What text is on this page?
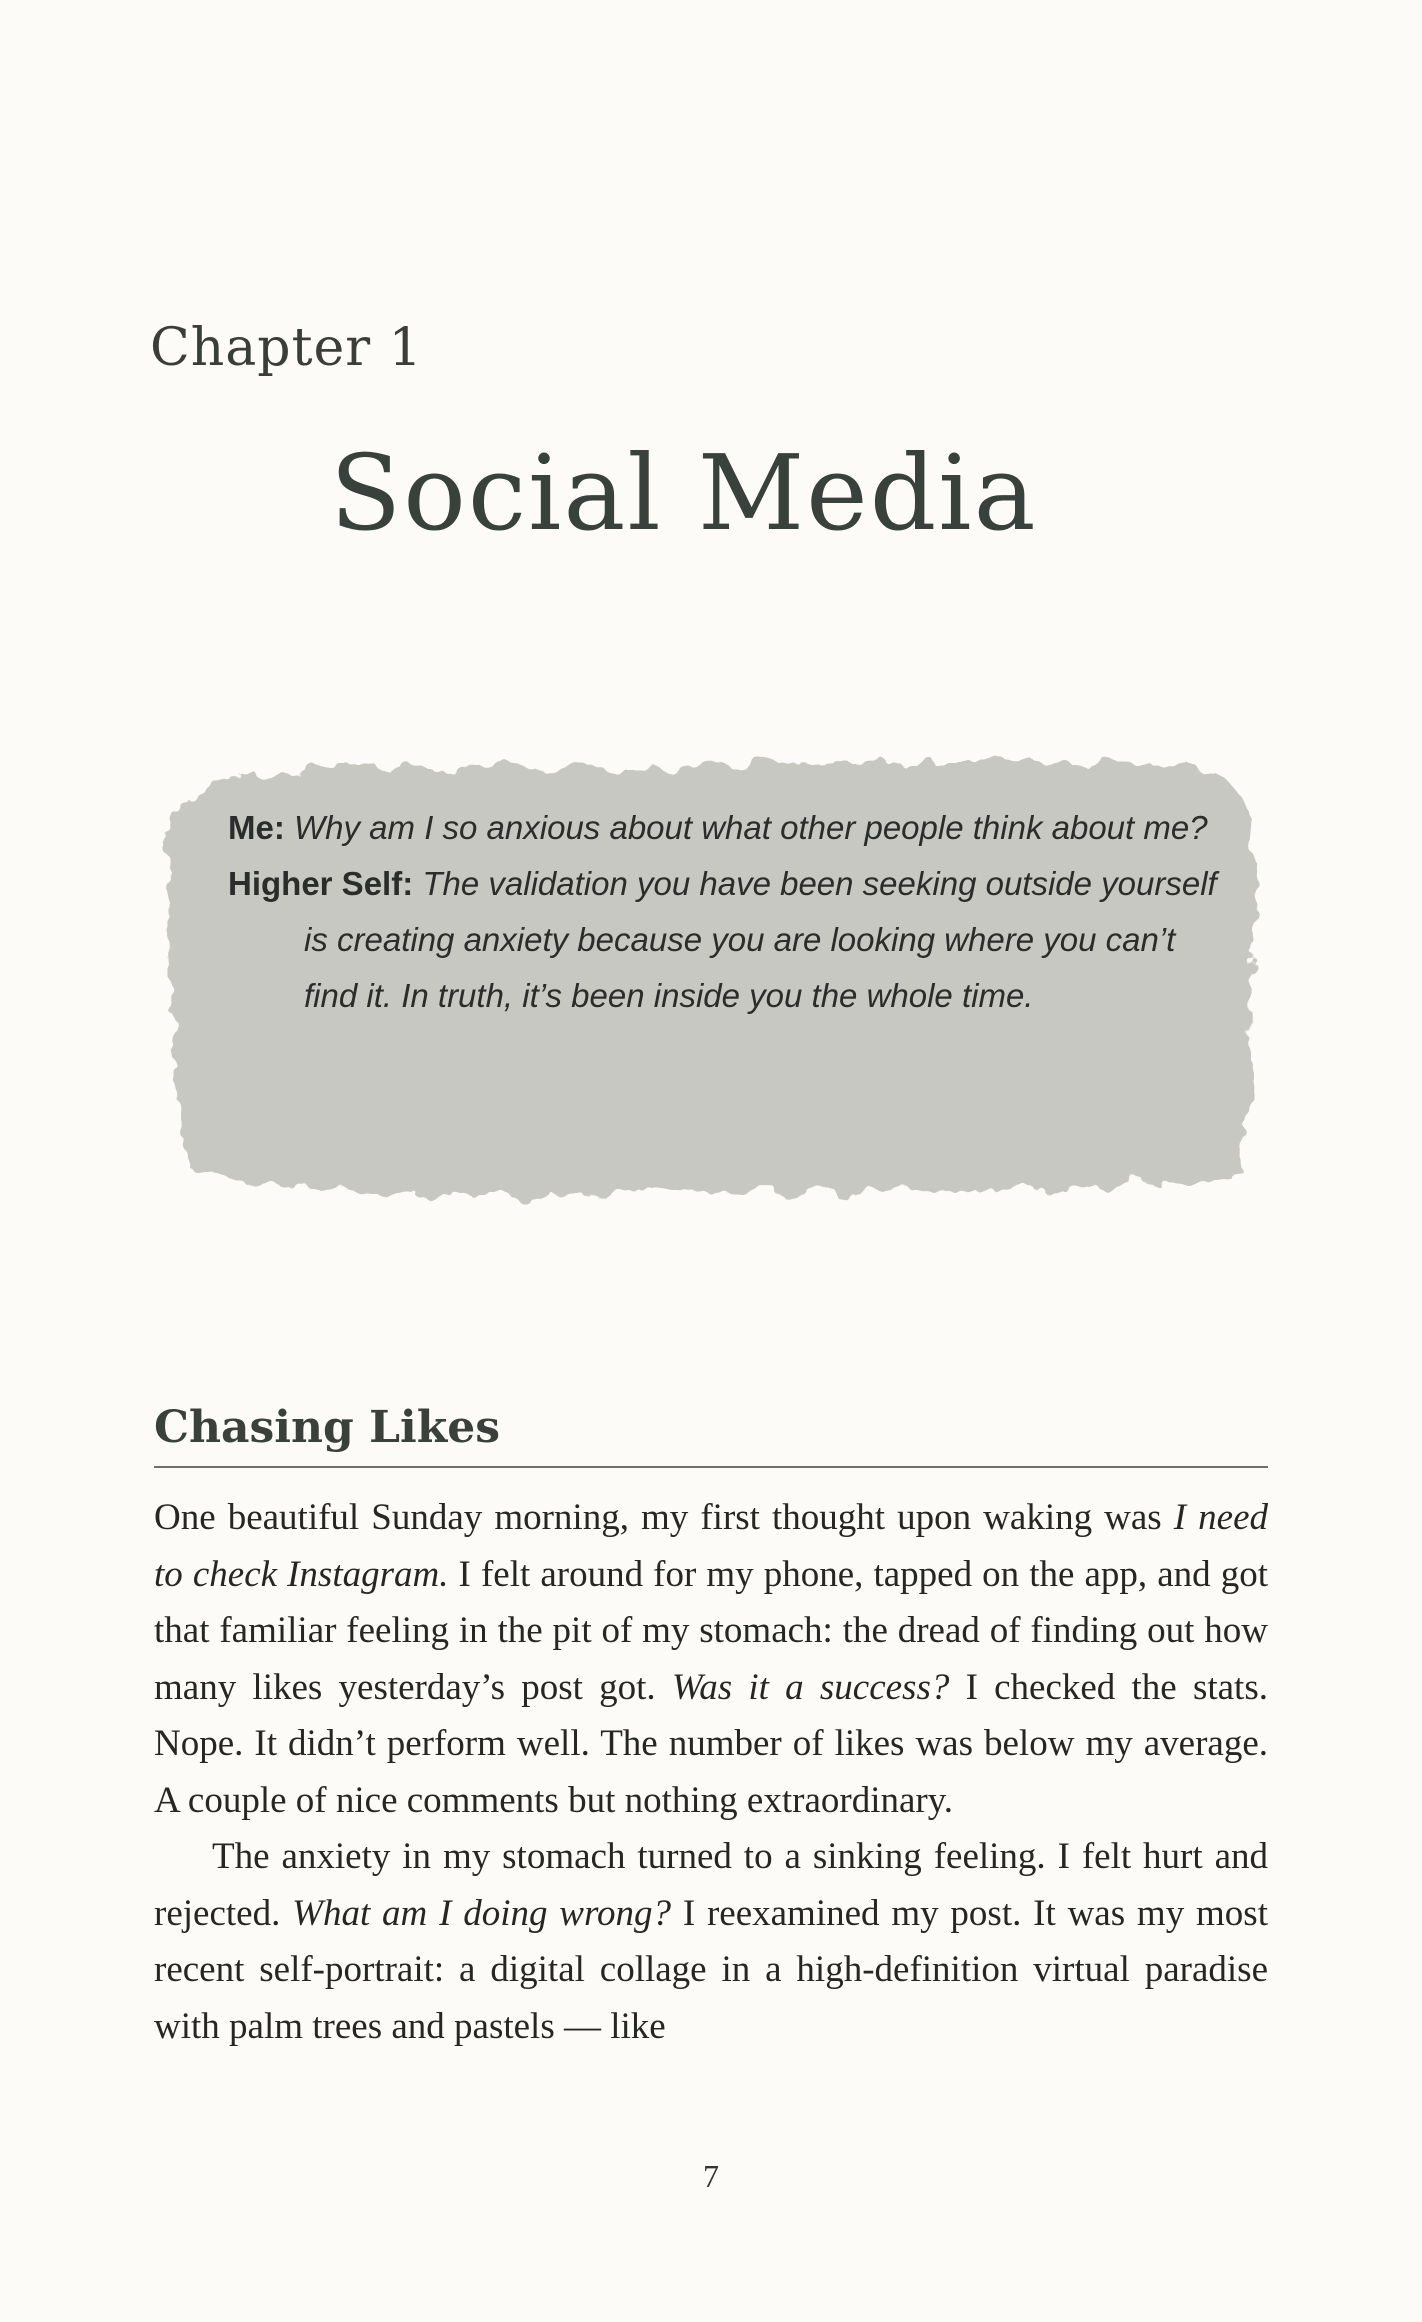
Chapter 1
Social Media
Me: Why am I so anxious about what other people think about me?
Higher Self: The validation you have been seeking outside yourself is creating anxiety because you are looking where you can’t find it. In truth, it’s been inside you the whole time.
Chasing Likes

One beautiful Sunday morning, my first thought upon waking was I need to check Instagram. I felt around for my phone, tapped on the app, and got that familiar feeling in the pit of my stomach: the dread of finding out how many likes yesterday’s post got. Was it a success? I checked the stats. Nope. It didn’t perform well. The number of likes was below my average. A couple of nice comments but nothing extraordinary.

The anxiety in my stomach turned to a sinking feeling. I felt hurt and rejected. What am I doing wrong? I reexamined my post. It was my most recent self-portrait: a digital collage in a high-definition virtual paradise with palm trees and pastels — like

7
